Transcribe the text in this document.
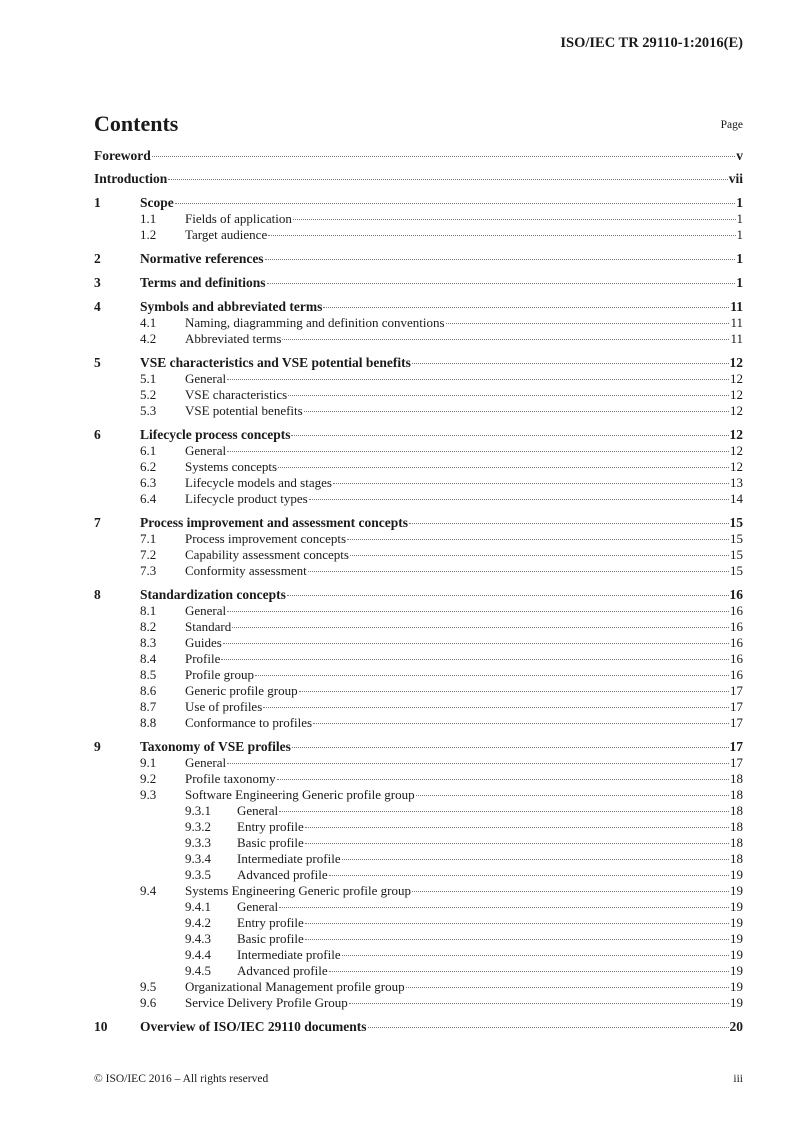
ISO/IEC TR 29110-1:2016(E)
Contents	Page
Foreword	v
Introduction	vii
1	Scope	1
1.1	Fields of application	1
1.2	Target audience	1
2	Normative references	1
3	Terms and definitions	1
4	Symbols and abbreviated terms	11
4.1	Naming, diagramming and definition conventions	11
4.2	Abbreviated terms	11
5	VSE characteristics and VSE potential benefits	12
5.1	General	12
5.2	VSE characteristics	12
5.3	VSE potential benefits	12
6	Lifecycle process concepts	12
6.1	General	12
6.2	Systems concepts	12
6.3	Lifecycle models and stages	13
6.4	Lifecycle product types	14
7	Process improvement and assessment concepts	15
7.1	Process improvement concepts	15
7.2	Capability assessment concepts	15
7.3	Conformity assessment	15
8	Standardization concepts	16
8.1	General	16
8.2	Standard	16
8.3	Guides	16
8.4	Profile	16
8.5	Profile group	16
8.6	Generic profile group	17
8.7	Use of profiles	17
8.8	Conformance to profiles	17
9	Taxonomy of VSE profiles	17
9.1	General	17
9.2	Profile taxonomy	18
9.3	Software Engineering Generic profile group	18
9.3.1	General	18
9.3.2	Entry profile	18
9.3.3	Basic profile	18
9.3.4	Intermediate profile	18
9.3.5	Advanced profile	19
9.4	Systems Engineering Generic profile group	19
9.4.1	General	19
9.4.2	Entry profile	19
9.4.3	Basic profile	19
9.4.4	Intermediate profile	19
9.4.5	Advanced profile	19
9.5	Organizational Management profile group	19
9.6	Service Delivery Profile Group	19
10	Overview of ISO/IEC 29110 documents	20
© ISO/IEC 2016 – All rights reserved	iii
